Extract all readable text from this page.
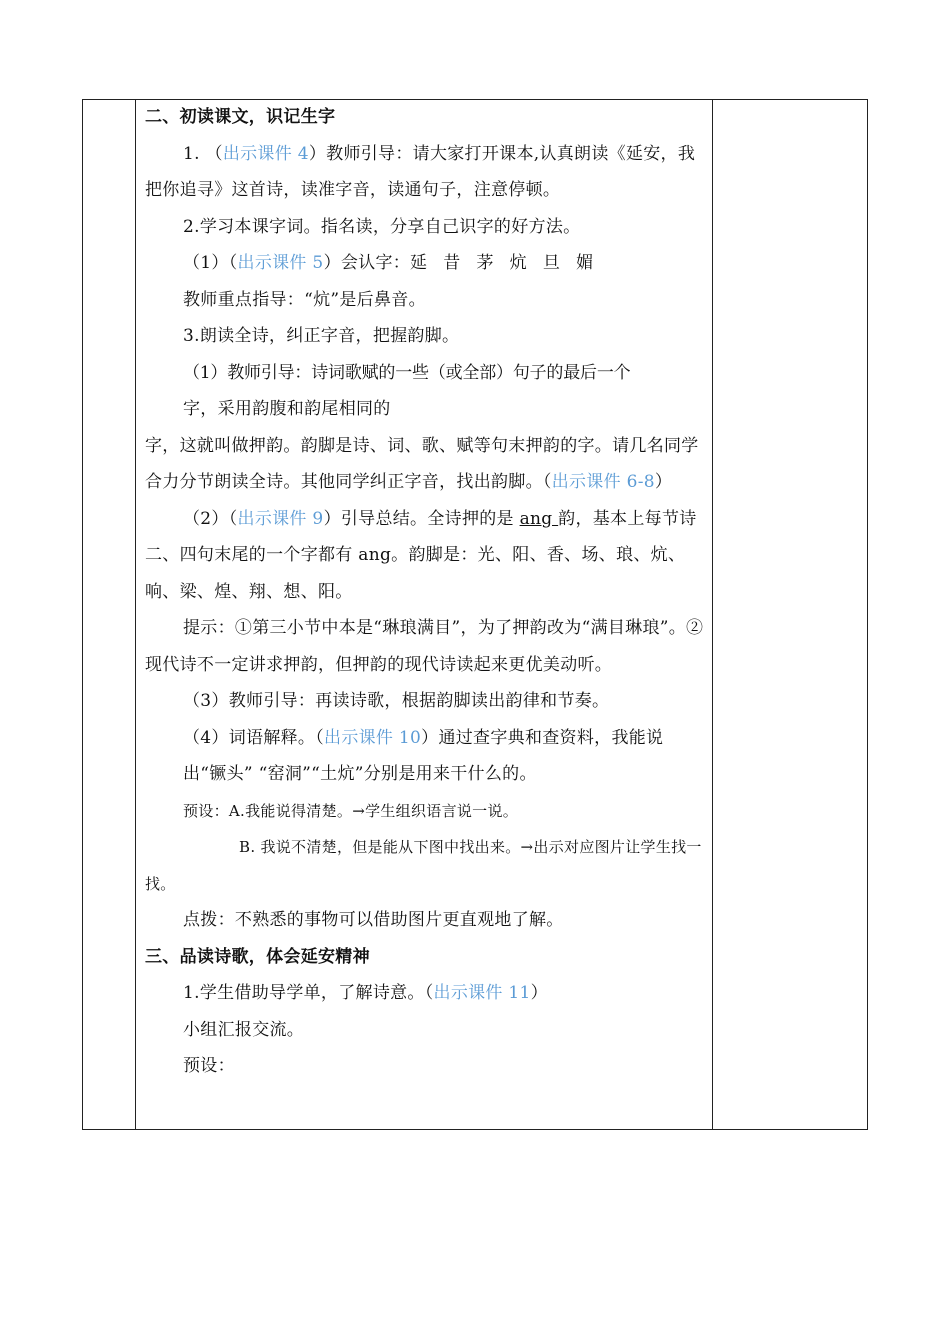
二、初读课文，识记生字

1. （出示课件 4）教师引导：请大家打开课本,认真朗读《延安，我把你追寻》这首诗，读准字音，读通句子，注意停顿。

2.学习本课字词。指名读，分享自己识字的好方法。

（1）（出示课件 5）会认字：延 昔 茅 炕 旦 媚

教师重点指导：“炕”是后鼻音。

3.朗读全诗，纠正字音，把握韵脚。

（1）教师引导：诗词歌赋的一些（或全部）句子的最后一个

字，采用韵腹和韵尾相同的

字，这就叫做押韵。韵脚是诗、词、歌、赋等句末押韵的字。请几名同学合力分节朗读全诗。其他同学纠正字音，找出韵脚。（出示课件 6-8）

（2）（出示课件 9）引导总结。全诗押的是 ang 韵，基本上每节诗二、四句末尾的一个字都有 ang。韵脚是：光、阳、香、场、琅、炕、响、梁、煌、翔、想、阳。

提示：①第三小节中本是“琳琅满目”，为了押韵改为“满目琳琅”。②现代诗不一定讲求押韵，但押韵的现代诗读起来更优美动听。

（3）教师引导：再读诗歌，根据韵脚读出韵律和节奏。

（4）词语解释。（出示课件 10）通过查字典和查资料，我能说出“镢头” “窑洞”“土炕”分别是用来干什么的。

预设：A.我能说得清楚。→学生组织语言说一说。

B. 我说不清楚，但是能从下图中找出来。→出示对应图片让学生找一找。

点拨：不熟悉的事物可以借助图片更直观地了解。

三、品读诗歌，体会延安精神

1.学生借助导学单，了解诗意。（出示课件 11）

小组汇报交流。

预设：
